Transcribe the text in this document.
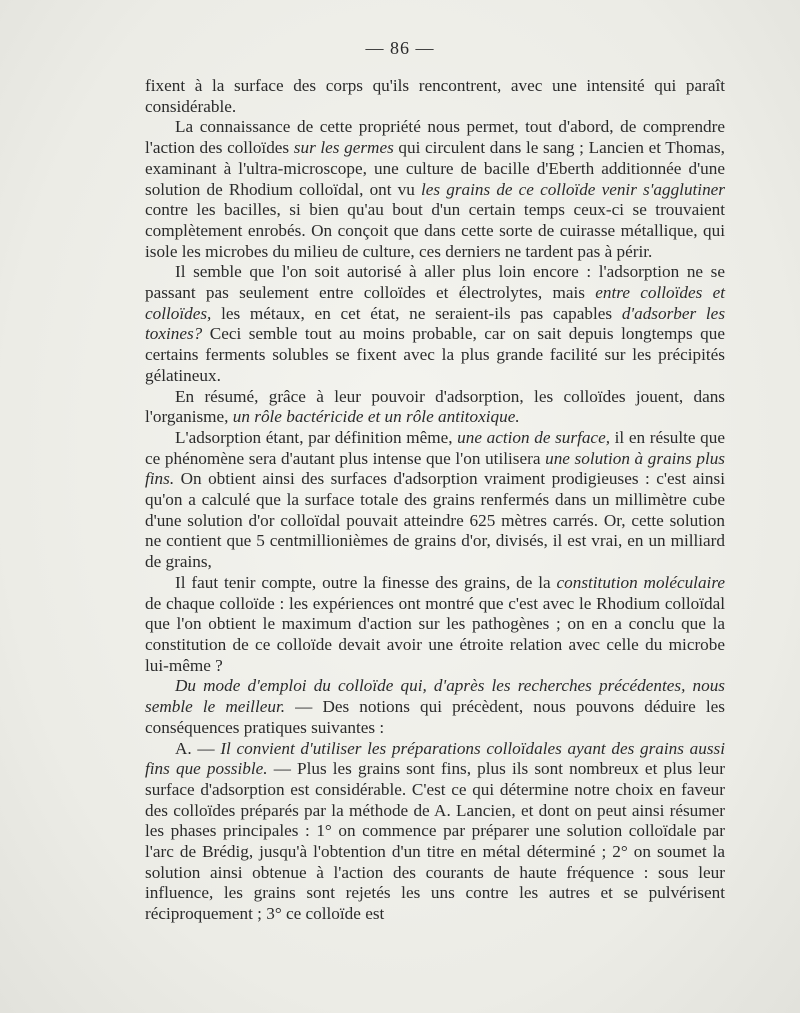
— 86 —

fixent à la surface des corps qu'ils rencontrent, avec une intensité qui paraît considérable.

La connaissance de cette propriété nous permet, tout d'abord, de comprendre l'action des colloïdes sur les germes qui circulent dans le sang ; Lancien et Thomas, examinant à l'ultra-microscope, une culture de bacille d'Eberth additionnée d'une solution de Rhodium colloïdal, ont vu les grains de ce colloïde venir s'agglutiner contre les bacilles, si bien qu'au bout d'un certain temps ceux-ci se trouvaient complètement enrobés. On conçoit que dans cette sorte de cuirasse métallique, qui isole les microbes du milieu de culture, ces derniers ne tardent pas à périr.

Il semble que l'on soit autorisé à aller plus loin encore : l'adsorption ne se passant pas seulement entre colloïdes et électrolytes, mais entre colloïdes et colloïdes, les métaux, en cet état, ne seraient-ils pas capables d'adsorber les toxines? Ceci semble tout au moins probable, car on sait depuis longtemps que certains ferments solubles se fixent avec la plus grande facilité sur les précipités gélatineux.

En résumé, grâce à leur pouvoir d'adsorption, les colloïdes jouent, dans l'organisme, un rôle bactéricide et un rôle antitoxique.

L'adsorption étant, par définition même, une action de surface, il en résulte que ce phénomène sera d'autant plus intense que l'on utilisera une solution à grains plus fins. On obtient ainsi des surfaces d'adsorption vraiment prodigieuses : c'est ainsi qu'on a calculé que la surface totale des grains renfermés dans un millimètre cube d'une solution d'or colloïdal pouvait atteindre 625 mètres carrés. Or, cette solution ne contient que 5 centmillionièmes de grains d'or, divisés, il est vrai, en un milliard de grains,

Il faut tenir compte, outre la finesse des grains, de la constitution moléculaire de chaque colloïde : les expériences ont montré que c'est avec le Rhodium colloïdal que l'on obtient le maximum d'action sur les pathogènes ; on en a conclu que la constitution de ce colloïde devait avoir une étroite relation avec celle du microbe lui-même ?

Du mode d'emploi du colloïde qui, d'après les recherches précédentes, nous semble le meilleur. — Des notions qui précèdent, nous pouvons déduire les conséquences pratiques suivantes :

A. — Il convient d'utiliser les préparations colloïdales ayant des grains aussi fins que possible. — Plus les grains sont fins, plus ils sont nombreux et plus leur surface d'adsorption est considérable. C'est ce qui détermine notre choix en faveur des colloïdes préparés par la méthode de A. Lancien, et dont on peut ainsi résumer les phases principales : 1° on commence par préparer une solution colloïdale par l'arc de Brédig, jusqu'à l'obtention d'un titre en métal déterminé ; 2° on soumet la solution ainsi obtenue à l'action des courants de haute fréquence : sous leur influence, les grains sont rejetés les uns contre les autres et se pulvérisent réciproquement ; 3° ce colloïde est
